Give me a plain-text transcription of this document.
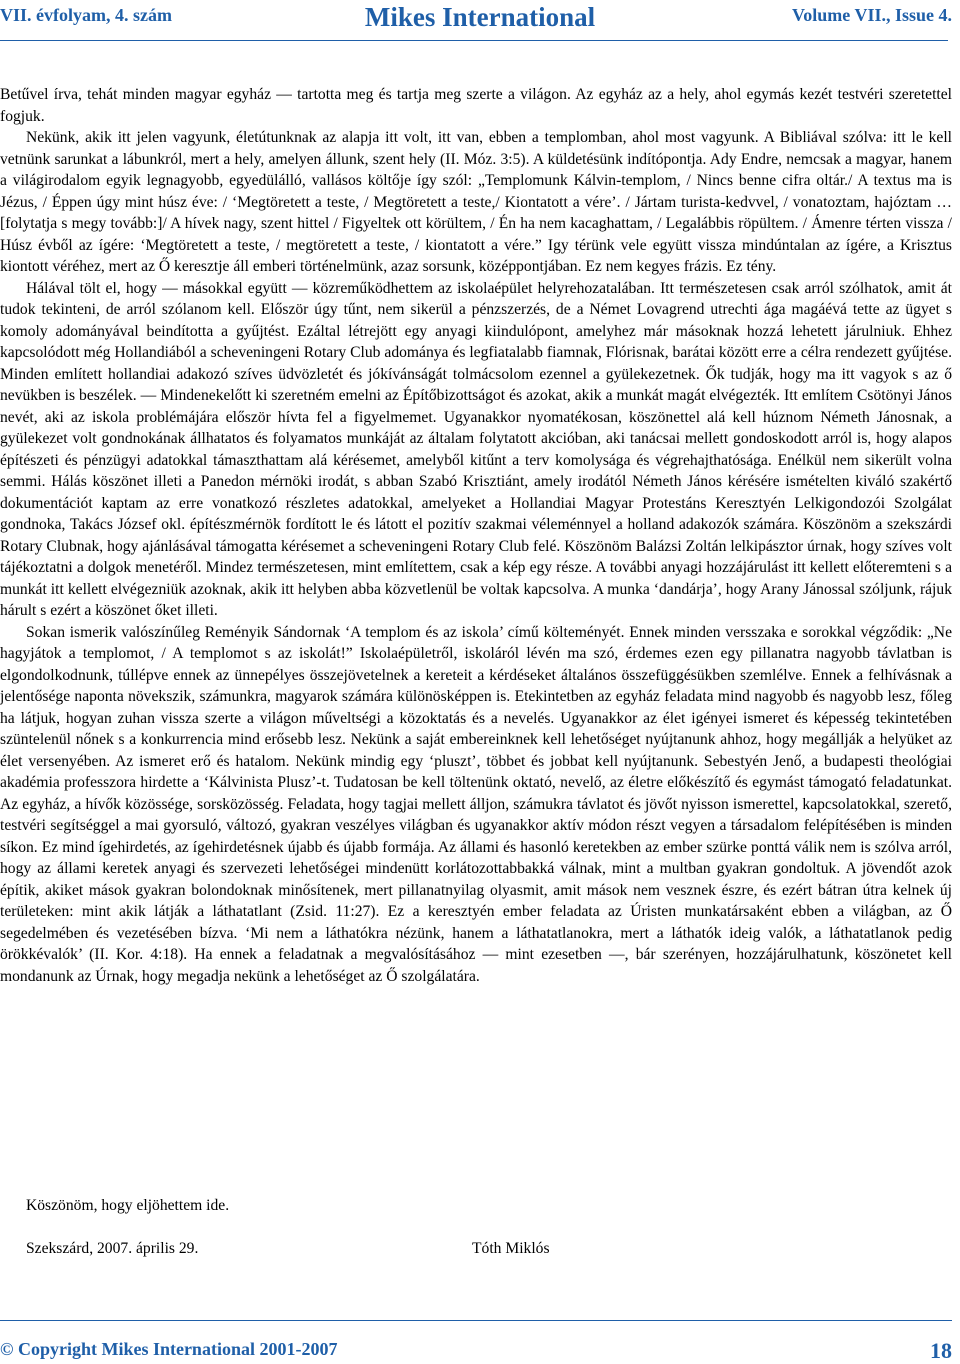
VII. évfolyam, 4. szám	Mikes International	Volume VII., Issue 4.

Betűvel írva, tehát minden magyar egyház — tartotta meg és tartja meg szerte a világon. Az egyház az a hely, ahol egymás kezét testvéri szeretettel fogjuk.

Nekünk, akik itt jelen vagyunk, életútunknak az alapja itt volt, itt van, ebben a templomban, ahol most vagyunk. A Bibliával szólva: itt le kell vetnünk sarunkat a lábunkról, mert a hely, amelyen állunk, szent hely (II. Móz. 3:5). A küldetésünk indítópontja. Ady Endre, nemcsak a magyar, hanem a világirodalom egyik legnagyobb, egyedülálló, vallásos költője így szól: „Templomunk Kálvin-templom, / Nincs benne cifra oltár./ A textus ma is Jézus, / Éppen úgy mint húsz éve: / ‘Megtöretett a teste, / Megtöretett a teste,/ Kiontatott a vére’. / Jártam turista-kedvvel, / vonatoztam, hajóztam …[folytatja s megy tovább:]/ A hívek nagy, szent hittel / Figyeltek ott körültem, / Én ha nem kacaghattam, / Legalábbis röpültem. / Ámenre térten vissza / Húsz évből az ígére: ‘Megtöretett a teste, / megtöretett a teste, / kiontatott a vére.” Igy térünk vele együtt vissza mindúntalan az ígére, a Krisztus kiontott véréhez, mert az Ő keresztje áll emberi történelmünk, azaz sorsunk, középpontjában. Ez nem kegyes frázis. Ez tény.

Hálával tölt el, hogy — másokkal együtt — közreműködhettem az iskolaépület helyrehozatalában. Itt természetesen csak arról szólhatok, amit át tudok tekinteni, de arról szólanom kell. Először úgy tűnt, nem sikerül a pénzszerzés, de a Német Lovagrend utrechti ága magáévá tette az ügyet s komoly adományával beindította a gyűjtést. Ezáltal létrejött egy anyagi kiindulópont, amelyhez már másoknak hozzá lehetett járulniuk. Ehhez kapcsolódott még Hollandiából a scheveningeni Rotary Club adománya és legfiatalabb fiamnak, Flórisnak, barátai között erre a célra rendezett gyűjtése. Minden említett hollandiai adakozó szíves üdvözletét és jókívánságát tolmácsolom ezennel a gyülekezetnek. Ők tudják, hogy ma itt vagyok s az ő nevükben is beszélek. — Mindenekelőtt ki szeretném emelni az Építőbizottságot és azokat, akik a munkát magát elvégezték. Itt említem Csötönyi János nevét, aki az iskola problémájára először hívta fel a figyelmemet. Ugyanakkor nyomatékosan, köszönettel alá kell húznom Németh Jánosnak, a gyülekezet volt gondnokának állhatatos és folyamatos munkáját az általam folytatott akcióban, aki tanácsai mellett gondoskodott arról is, hogy alapos építészeti és pénzügyi adatokkal támaszthattam alá kérésemet, amelyből kitűnt a terv komolysága és végrehajthatósága. Enélkül nem sikerült volna semmi. Hálás köszönet illeti a Panedon mérnöki irodát, s abban Szabó Krisztiánt, amely irodától Németh János kérésére ismételten kiváló szakértő dokumentációt kaptam az erre vonatkozó részletes adatokkal, amelyeket a Hollandiai Magyar Protestáns Keresztyén Lelkigondozói Szolgálat gondnoka, Takács József okl. építészmérnök fordított le és látott el pozitív szakmai véleménnyel a holland adakozók számára. Köszönöm a szekszárdi Rotary Clubnak, hogy ajánlásával támogatta kérésemet a scheveningeni Rotary Club felé. Köszönöm Balázsi Zoltán lelkipásztor úrnak, hogy szíves volt tájékoztatni a dolgok menetéről. Mindez természetesen, mint említettem, csak a kép egy része. A további anyagi hozzájárulást itt kellett előteremteni s a munkát itt kellett elvégezniük azoknak, akik itt helyben abba közvetlenül be voltak kapcsolva. A munka ‘dandárja’, hogy Arany Jánossal szóljunk, rájuk hárult s ezért a köszönet őket illeti.

Sokan ismerik valószínűleg Reményik Sándornak ‘A templom és az iskola’ című költeményét. Ennek minden versszaka e sorokkal végződik: „Ne hagyjátok a templomot, / A templomot s az iskolát!” Iskolaépületről, iskoláról lévén ma szó, érdemes ezen egy pillanatra nagyobb távlatban is elgondolkodnunk, túllépve ennek az ünnepélyes összejövetelnek a kereteit a kérdéseket általános összefüggésükben szemlélve. Ennek a felhívásnak a jelentősége naponta növekszik, számunkra, magyarok számára különösképpen is. Etekintetben az egyház feladata mind nagyobb és nagyobb lesz, főleg ha látjuk, hogyan zuhan vissza szerte a világon műveltségi a közoktatás és a nevelés. Ugyanakkor az élet igényei ismeret és képesség tekintetében szüntelenül nőnek s a konkurrencia mind erősebb lesz. Nekünk a saját embereinknek kell lehetőséget nyújtanunk ahhoz, hogy megállják a helyüket az élet versenyében. Az ismeret erő és hatalom. Nekünk mindig egy ‘pluszt’, többet és jobbat kell nyújtanunk. Sebestyén Jenő, a budapesti theológiai akadémia professzora hirdette a ‘Kálvinista Plusz’-t. Tudatosan be kell töltenünk oktató, nevelő, az életre előkészítő és egymást támogató feladatunkat. Az egyház, a hívők közössége, sorsközösség. Feladata, hogy tagjai mellett álljon, számukra távlatot és jövőt nyisson ismerettel, kapcsolatokkal, szerető, testvéri segítséggel a mai gyorsuló, változó, gyakran veszélyes világban és ugyanakkor aktív módon részt vegyen a társadalom felépítésében is minden síkon. Ez mind ígehirdetés, az ígehirdetésnek újabb és újabb formája. Az állami és hasonló keretekben az ember szürke ponttá válik nem is szólva arról, hogy az állami keretek anyagi és szervezeti lehetőségei mindenütt korlátozottabbakká válnak, mint a multban gyakran gondoltuk. A jövendőt azok építik, akiket mások gyakran bolondoknak minősítenek, mert pillanatnyilag olyasmit, amit mások nem vesznek észre, és ezért bátran útra kelnek új területeken: mint akik látják a láthatatlant (Zsid. 11:27). Ez a keresztyén ember feladata az Úristen munkatársaként ebben a világban, az Ő segedelmében és vezetésében bízva. ‘Mi nem a láthatókra nézünk, hanem a láthatatlanokra, mert a láthatók ideig valók, a láthatatlanok pedig örökkévalók’ (II. Kor. 4:18). Ha ennek a feladatnak a megvalósításához — mint ezesetben —, bár szerényen, hozzájárulhatunk, köszönetet kell mondanunk az Úrnak, hogy megadja nekünk a lehetőséget az Ő szolgálatára.

Köszönöm, hogy eljöhettem ide.
Szekszárd, 2007. április 29.	Tóth Miklós
© Copyright Mikes International 2001-2007	18
